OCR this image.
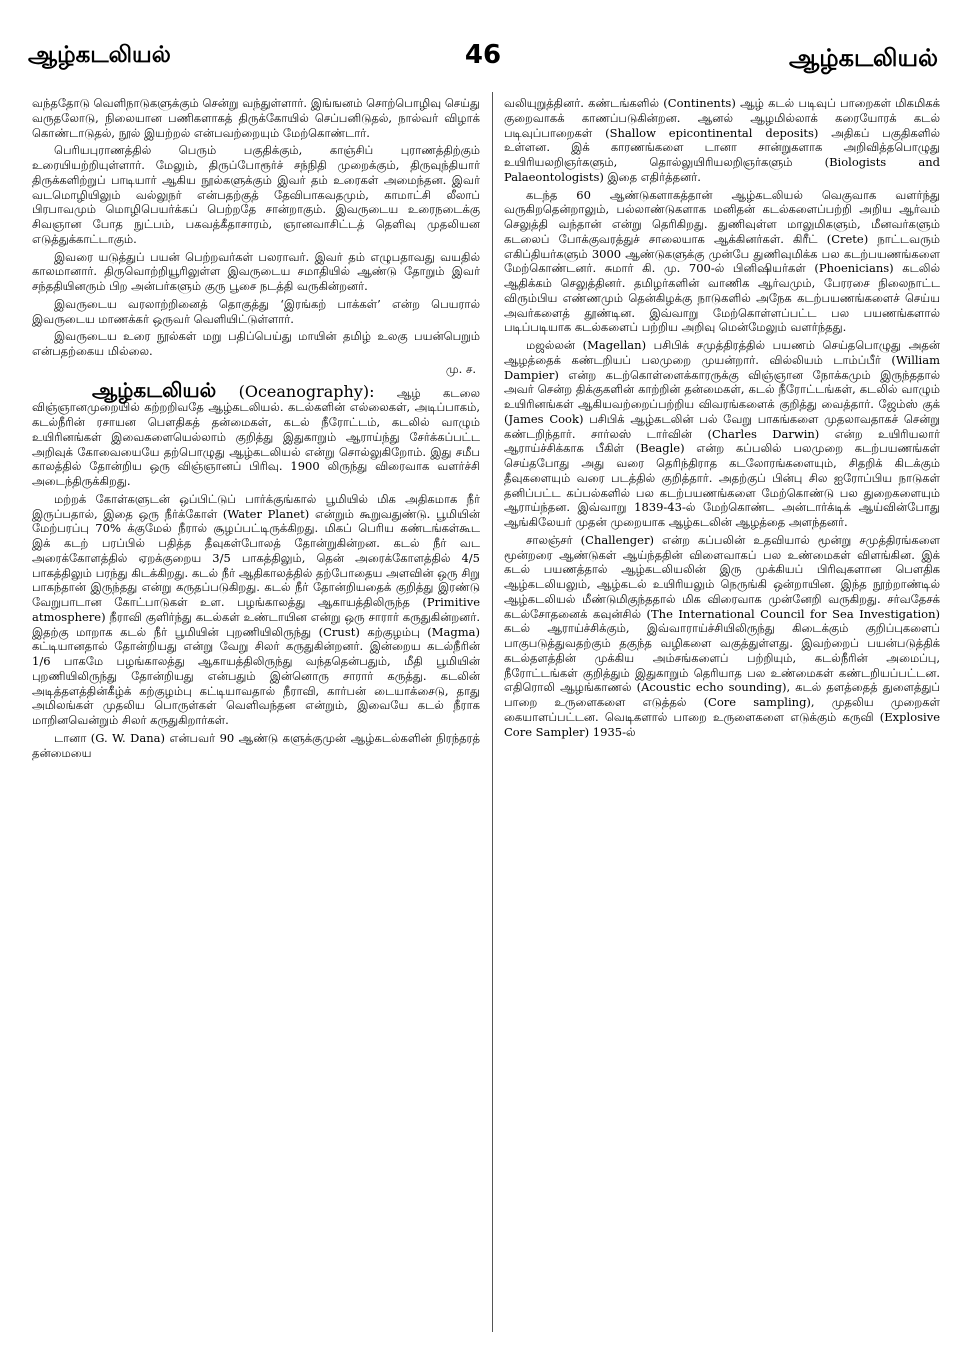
ஆழ்கடலியல்	46	ஆழ்கடலியல்

வந்ததோடு வெளிநாடுகளுக்கும் சென்று வந்துள்ளார். இங்ஙனம் சொற்பொழிவு செய்து வருதலோடு, நிலையான பணிகளாகத் திருக்கோயில் செப்பனிடுதல், நால்வர் விழாக் கொண்டாடுதல், நூல் இயற்றல் என்பவற்றையும் மேற்கொண்டார்.

பெரியபுராணத்தில் பெரும் பகுதிக்கும், காஞ்சிப் புராணத்திற்கும் உரையியற்றியுள்ளார். மேலும், திருப்போரூர்ச் சந்நிதி முறைக்கும், திருவுந்தியார் திருக்களிற்றுப் பாடியார் ஆகிய நூல்களுக்கும் இவர் தம் உரைகள் அமைந்தன. இவர் வடமொழியிலும் வல்லுநர் என்பதற்குத் தேவிபாகவதமும், காமாட்சி லீலாப் பிரபாவமும் மொழிபெயர்க்கப் பெற்றதே சான்றாகும். இவருடைய உரைநடைக்கு சிவஞான போத நுட்பம், பகவத்கீதாசாரம், ஞானவாசிட்டத் தெளிவு முதலியன எடுத்துக்காட்டாகும்.

இவரை யடுத்துப் பயன் பெற்றவர்கள் பலராவர். இவர் தம் எழுபதாவது வயதில் காலமானார். திருவொற்றியூரிலுள்ள இவருடைய சமாதியில் ஆண்டு தோறும் இவர் சந்ததியினரும் பிற அன்பர்களும் குரு பூசை நடத்தி வருகின்றனர்.

இவருடைய வரலாற்றினைத் தொகுத்து ‘இரங்கற் பாக்கள்’ என்ற பெயரால் இவருடைய மாணக்கர் ஒருவர் வெளியிட்டுள்ளார்.

இவருடைய உரை நூல்கள் மறு பதிப்பெய்து மாயின் தமிழ் உலகு பயன்பெறும் என்பதற்கைய மில்லை.

மு. ச.

ஆழ்கடலியல் (Oceanography): ஆழ் கடலை விஞ்ஞானமுறையில் கற்றறிவதே ஆழ்கடலியல். கடல்களின் எல்லைகள், அடிப்பாகம், கடல்நீரின் ரசாயன பௌதிகத் தன்மைகள், கடல் நீரோட்டம், கடலில் வாழும் உயிரினங்கள் இவைகளையெல்லாம் குறித்து இதுகாறும் ஆராய்ந்து சேர்க்கப்பட்ட அறிவுக் கோவையையே தற்பொழுது ஆழ்கடலியல் என்று சொல்லுகிறோம். இது சமீப காலத்தில் தோன்றிய ஒரு விஞ்ஞானப் பிரிவு. 1900 லிருந்து விரைவாக வளர்ச்சி அடைந்திருக்கிறது.

மற்றக் கோள்களுடன் ஒப்பிட்டுப் பார்க்குங்கால் பூமியில் மிக அதிகமாக நீர் இருப்பதால், இதை ஒரு நீர்க்கோள் (Water Planet) என்றும் கூறுவதுண்டு. பூமியின் மேற்பரப்பு 70% க்குமேல் நீரால் சூழப்பட்டிருக்கிறது. மிகப் பெரிய கண்டங்கள்கூட இக் கடற் பரப்பில் பதித்த தீவுகள்போலத் தோன்றுகின்றன. கடல் நீர் வட அரைக்கோளத்தில் ஏறக்குறைய 3/5 பாகத்திலும், தென் அரைக்கோளத்தில் 4/5 பாகத்திலும் பரந்து கிடக்கிறது. கடல் நீர் ஆதிகாலத்தில் தற்போதைய அளவின் ஒரு சிறு பாகந்தான் இருந்தது என்று கருதப்படுகிறது. கடல் நீர் தோன்றியதைக் குறித்து இரண்டு வேறுபாடான கோட்பாடுகள் உள. பழங்காலத்து ஆகாயத்திலிருந்த (Primitive atmosphere) நீராவி குளிர்ந்து கடல்கள் உண்டாயின என்று ஒரு சாரார் கருதுகின்றனர். இதற்கு மாறாக கடல் நீர் பூமியின் புறணியிலிருந்து (Crust) கற்குழம்பு (Magma) கட்டியானதால் தோன்றியது என்று வேறு சிலர் கருதுகின்றனர். இன்றைய கடல்நீரின் 1/6 பாகமே பழங்காலத்து ஆகாயத்திலிருந்து வந்ததென்பதும், மீதி பூமியின் புறணியிலிருந்து தோன்றியது என்பதும் இன்னொரு சாரார் கருத்து. கடலின் அடித்தளத்தின்கீழ்க் கற்குழம்பு கட்டியாவதால் நீராவி, கார்பன் டையாக்சைடு, தாது அமிலங்கள் முதலிய பொருள்கள் வெளிவந்தன என்றும், இவையே கடல் நீராக மாறினவென்றும் சிலர் கருதுகிறார்கள்.

டானா (G. W. Dana) என்பவர் 90 ஆண்டு களுக்குமுன் ஆழ்கடல்களின் நிரந்தரத் தன்மையை

வலியுறுத்தினர். கண்டங்களில் (Continents) ஆழ் கடல் படிவுப் பாறைகள் மிகமிகக் குறைவாகக் காணப்படுகின்றன. ஆனல் ஆழமில்லாக் கரையோரக் கடல் படிவுப்பாறைகள் (Shallow epicontinental deposits) அதிகப் பகுதிகளில் உள்ளன. இக் காரணங்களை டானா சான்றுகளாக அறிவித்தபொழுது உயிரியலறிஞர்களும், தொல்லுயிரியலறிஞர்களும் (Biologists and Palaeontologists) இதை எதிர்த்தனர்.

கடந்த 60 ஆண்டுகளாகத்தான் ஆழ்கடலியல் வெகுவாக வளர்ந்து வருகிறதென்றாலும், பல்லாண்டுகளாக மனிதன் கடல்களைப்பற்றி அறிய ஆர்வம் செலுத்தி வந்தான் என்று தெரிகிறது. துணிவுள்ள மாலுமிகளும், மீனவர்களும் கடலைப் போக்குவரத்துச் சாலையாக ஆக்கினர்கள். கிரீட் (Crete) நாட்டவரும் எகிப்தியர்களும் 3000 ஆண்டுகளுக்கு முன்பே துணிவுமிக்க பல கடற்பயணங்களை மேற்கொண்டனர். சுமார் கி. மு. 700-ல் பினிஷியர்கள் (Phoenicians) கடலில் ஆதிக்கம் செலுத்தினர். தமிழர்களின் வாணிக ஆர்வமும், பேரரசை நிலைநாட்ட விரும்பிய எண்ணமும் தென்கிழக்கு நாடுகளில் அநேக கடற்பயணங்களைச் செய்ய அவர்களைத் தூண்டின. இவ்வாறு மேற்கொள்ளப்பட்ட பல பயணங்களால் படிப்படியாக கடல்களைப் பற்றிய அறிவு மென்மேலும் வளர்ந்தது.

மஜல்லன் (Magellan) பசிபிக் சமுத்திரத்தில் பயணம் செய்தபொழுது அதன் ஆழத்தைக் கண்டறியப் பலமுறை முயன்றார். வில்லியம் டாம்ப்பீர் (William Dampier) என்ற கடற்கொள்ளைக்காரருக்கு விஞ்ஞான நோக்கமும் இருந்ததால் அவர் சென்ற திக்குகளின் காற்றின் தன்மைகள், கடல் நீரோட்டங்கள், கடலில் வாழும் உயிரினங்கள் ஆகியவற்றைப்பற்றிய விவரங்களைக் குறித்து வைத்தார். ஜேம்ஸ் குக் (James Cook) பசிபிக் ஆழ்கடலின் பல் வேறு பாகங்களை முதலாவதாகச் சென்று கண்டறிந்தார். சார்லஸ் டார்வின் (Charles Darwin) என்ற உயிரியலார் ஆராய்ச்சிக்காக பீகிள் (Beagle) என்ற கப்பலில் பலமுறை கடற்பயணங்கள் செய்தபோது அது வரை தெரிந்திராத கடலோரங்களையும், சிதறிக் கிடக்கும் தீவுகளையும் வரை படத்தில் குறித்தார். அதற்குப் பின்பு சில ஐரோப்பிய நாடுகள் தனிப்பட்ட கப்பல்களில் பல கடற்பயணங்களை மேற்கொண்டு பல துறைகளையும் ஆராய்ந்தன. இவ்வாறு 1839-43-ல் மேற்கொண்ட அன்டார்க்டிக் ஆய்வின்போது ஆங்கிலேயர் முதன் முறையாக ஆழ்கடலின் ஆழத்தை அளந்தனர்.

சாலஞ்சர் (Challenger) என்ற கப்பலின் உதவியால் மூன்று சமுத்திரங்களை மூன்றரை ஆண்டுகள் ஆய்ந்ததின் விளைவாகப் பல உண்மைகள் விளங்கின. இக் கடல் பயணத்தால் ஆழ்கடலியலின் இரு முக்கியப் பிரிவுகளான பௌதிக ஆழ்கடலியலும், ஆழ்கடல் உயிரியலும் நெருங்கி ஒன்றாயின. இந்த நூற்றாண்டில் ஆழ்கடலியல் மீண்டுமிகுந்ததால் மிக விரைவாக முன்னேறி வருகிறது. சர்வதேசக் கடல்சோதனைக் கவுன்சில் (The International Council for Sea Investigation) கடல் ஆராய்ச்சிக்கும், இவ்வாராய்ச்சியிலிருந்து கிடைக்கும் குறிப்புகளைப் பாகுபடுத்துவதற்கும் தகுந்த வழிகளை வகுத்துள்ளது. இவற்றைப் பயன்படுத்திக் கடல்தளத்தின் முக்கிய அம்சங்களைப் பற்றியும், கடல்நீரின் அமைப்பு, நீரோட்டங்கள் குறித்தும் இதுகாறும் தெரியாத பல உண்மைகள் கண்டறியப்பட்டன. எதிரொலி ஆழங்காணல் (Acoustic echo sounding), கடல் தளத்தைத் துளைத்துப் பாறை உருளைகளை எடுத்தல் (Core sampling), முதலிய முறைகள் கையாளப்பட்டன. வெடிகளால் பாறை உருளைகளை எடுக்கும் கருவி (Explosive Core Sampler) 1935-ல்
